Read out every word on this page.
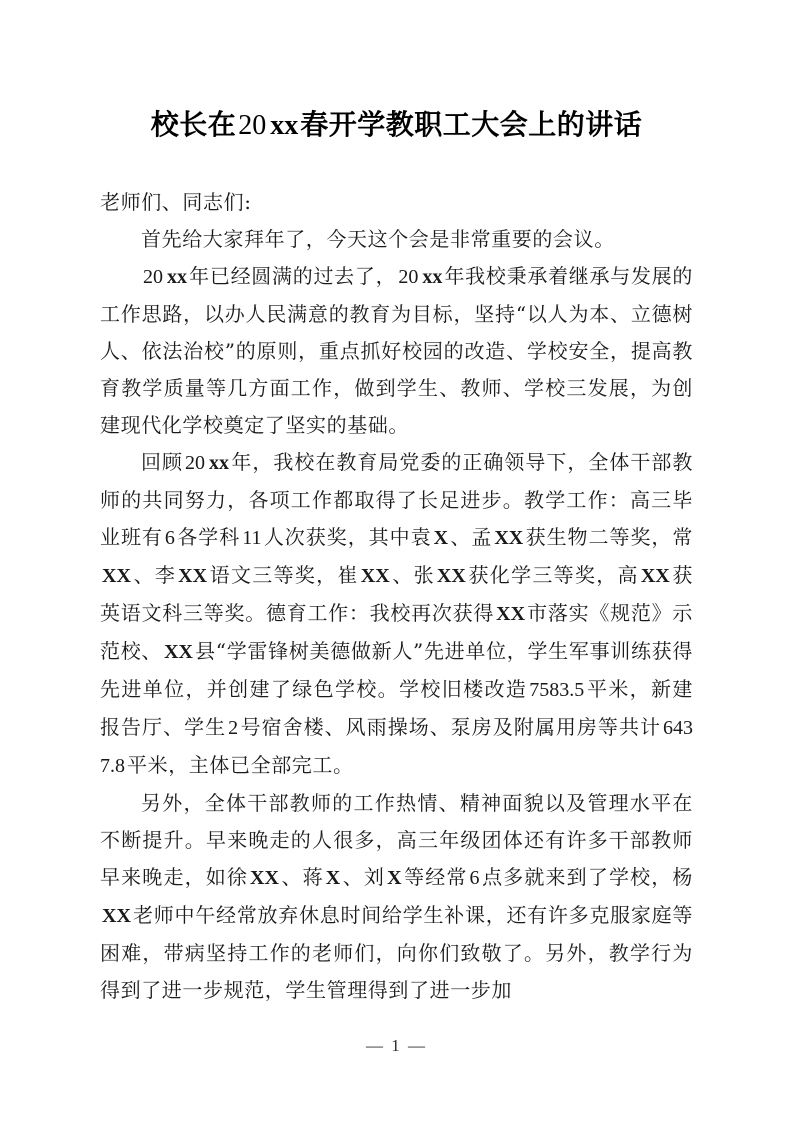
校长在20 xx春开学教职工大会上的讲话

老师们、同志们:

首先给大家拜年了，今天这个会是非常重要的会议。

20 xx 年已经圆满的过去了， 20 xx 年我校秉承着继承与发展的工作思路，以办人民满意的教育为目标，坚持“以人为本、立德树人、依法治校”的原则，重点抓好校园的改造、学校安全，提高教育教学质量等几方面工作，做到学生、教师、学校三发展，为创建现代化学校奠定了坚实的基础。

回顾 20 xx 年，我校在教育局党委的正确领导下，全体干部教师的共同努力，各项工作都取得了长足进步。教学工作：高三毕业班有 6 各学科 11 人次获奖，其中袁 X 、孟 XX 获生物二等奖，常XX 、李 XX 语文三等奖，崔 XX 、张 XX 获化学三等奖，高 XX 获英语文科三等奖。德育工作：我校再次获得 XX 市落实《规范》示范校、 XX 县“学雷锋树美德做新人”先进单位，学生军事训练获得先进单位，并创建了绿色学校。学校旧楼改造 7583.5 平米，新建报告厅、学生 2 号宿舍楼、风雨操场、泵房及附属用房等共计 6437.8 平米，主体已全部完工。

另外，全体干部教师的工作热情、精神面貌以及管理水平在不断提升。早来晚走的人很多，高三年级团体还有许多干部教师早来晚走，如徐 XX 、蒋 X 、刘 X 等经常 6 点多就来到了学校，杨XX 老师中午经常放弃休息时间给学生补课，还有许多克服家庭等困难，带病坚持工作的老师们，向你们致敬了。另外，教学行为得到了进一步规范，学生管理得到了进一步加

— 1 —
